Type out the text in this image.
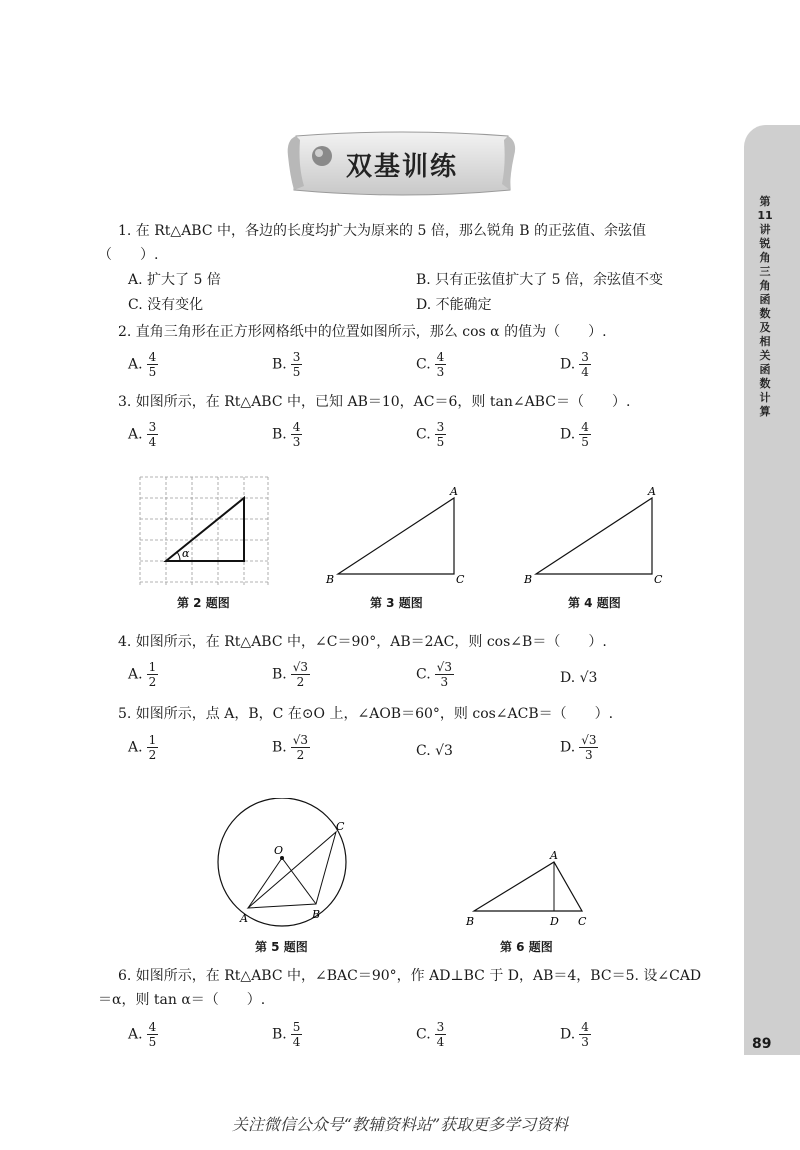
双基训练
第11讲 锐角三角函数及相关函数计算
89
1. 在 Rt△ABC 中，各边的长度均扩大为原来的 5 倍，那么锐角 B 的正弦值、余弦值
（　　）.
A. 扩大了 5 倍	B. 只有正弦值扩大了 5 倍，余弦值不变
C. 没有变化	D. 不能确定
2. 直角三角形在正方形网格纸中的位置如图所示，那么 cos α 的值为（　　）.
A. $\frac{4}{5}$	B. $\frac{3}{5}$	C. $\frac{4}{3}$	D. $\frac{3}{4}$
3. 如图所示，在 Rt△ABC 中，已知 AB＝10，AC＝6，则 tan∠ABC＝（　　）.
A. $\frac{3}{4}$	B. $\frac{4}{3}$	C. $\frac{3}{5}$	D. $\frac{4}{5}$
α
第 2 题图
A
B	C
第 3 题图
A
B	C
第 4 题图
4. 如图所示，在 Rt△ABC 中，∠C＝90°，AB＝2AC，则 cos∠B＝（　　）.
A. $\frac{1}{2}$	B. $\frac{√3}{2}$	C. $\frac{√3}{3}$	D. √3
5. 如图所示，点 A，B，C 在⊙O 上，∠AOB＝60°，则 cos∠ACB＝（　　）.
A. $\frac{1}{2}$	B. $\frac{√3}{2}$	C. √3	D. $\frac{√3}{3}$
O
A	B
C
第 5 题图
A
B	D C
第 6 题图
6. 如图所示，在 Rt△ABC 中，∠BAC＝90°，作 AD⊥BC 于 D，AB＝4，BC＝5. 设∠CAD
＝α，则 tan α＝（　　）.
A. $\frac{4}{5}$	B. $\frac{5}{4}$	C. $\frac{3}{4}$	D. $\frac{4}{3}$
关注微信公众号“教辅资料站”获取更多学习资料
